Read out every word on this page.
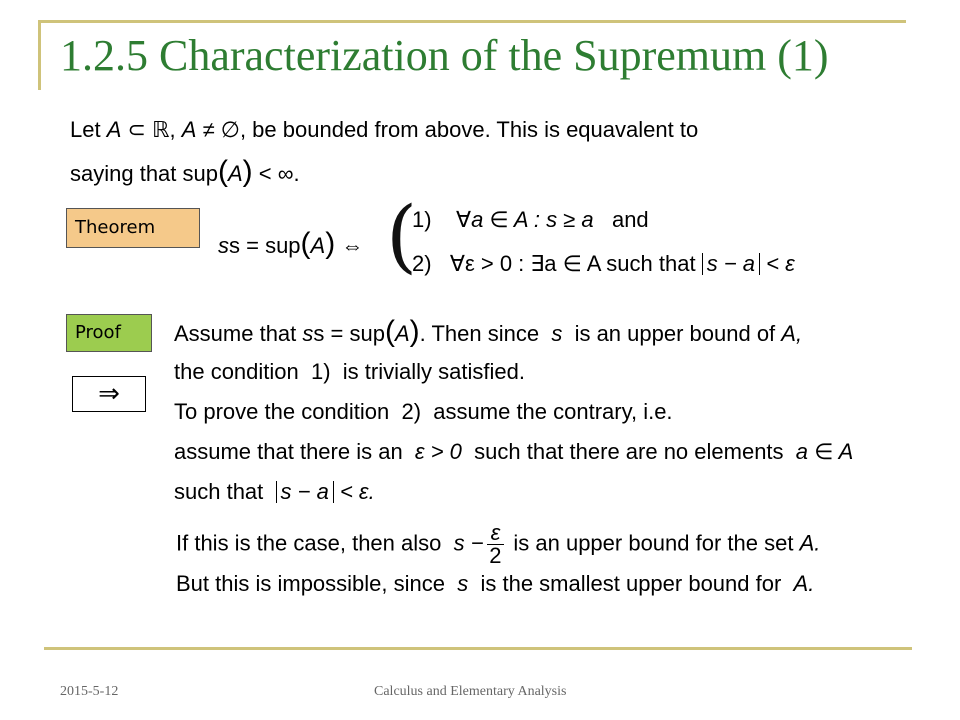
1.2.5 Characterization of the Supremum (1)
Let A ⊂ ℝ, A ≠ ∅, be bounded from above. This is equavalent to
saying that sup(A) < ∞.
Theorem
ss = sup(A) ⇔ (
1) ∀a ∈ A : s ≥ a and
2) ∀ε > 0 : ∃a ∈ A such that s − a < ε
Proof
⇒
Assume that ss = sup(A). Then since s is an upper bound of A,
the condition 1) is trivially satisfied.
To prove the condition 2) assume the contrary, i.e.
assume that there is an ε > 0 such that there are no elements a ∈ A
such that s − a < ε.
If this is the case, then also $s - \frac{\varepsilon}{2}$ is an upper bound for the set A.
But this is impossible, since s is the smallest upper bound for A.
2015-5-12	Calculus and Elementary Analysis
